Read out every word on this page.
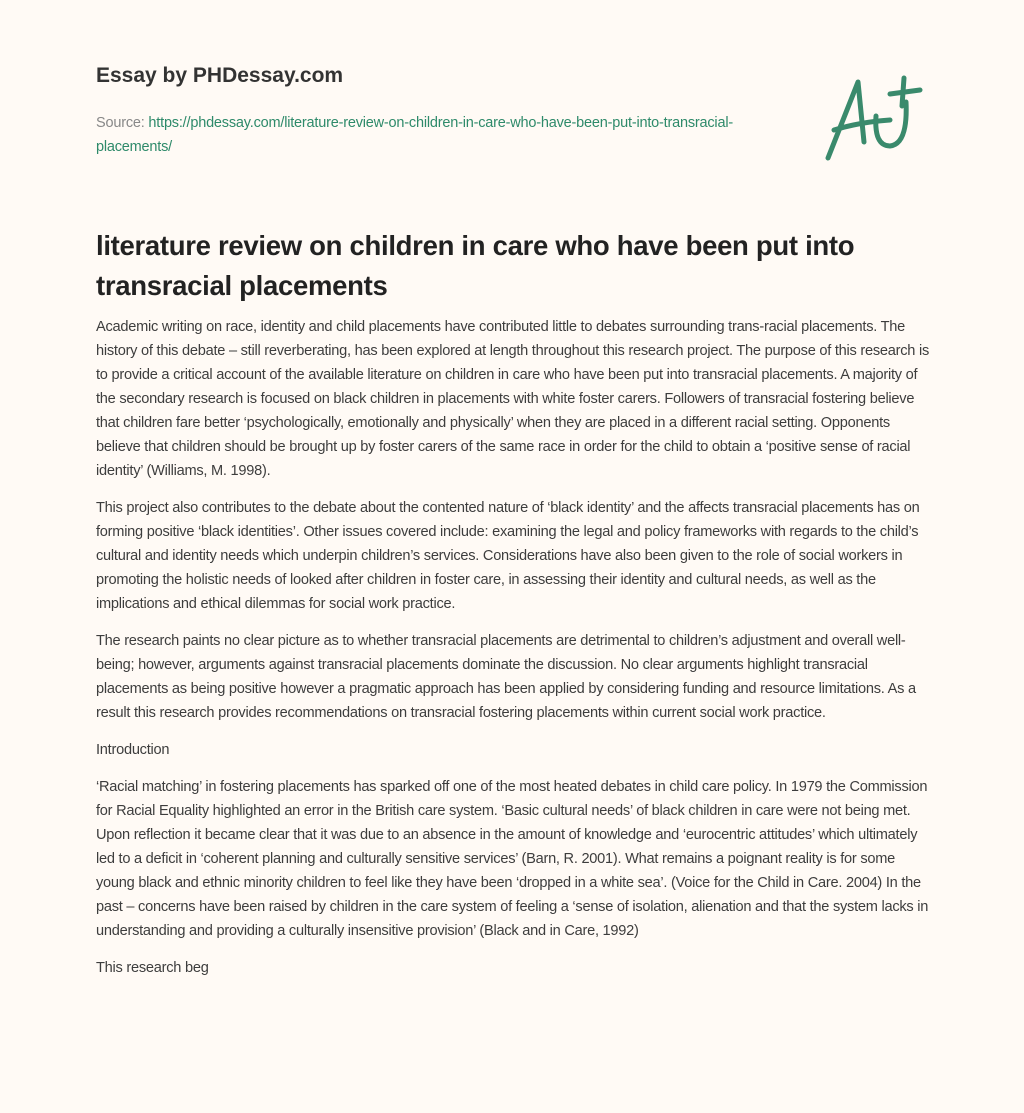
Essay by PHDessay.com
Source: https://phdessay.com/literature-review-on-children-in-care-who-have-been-put-into-transracial-placements/
literature review on children in care who have been put into transracial placements

Academic writing on race, identity and child placements have contributed little to debates surrounding trans-racial placements. The history of this debate – still reverberating, has been explored at length throughout this research project. The purpose of this research is to provide a critical account of the available literature on children in care who have been put into transracial placements. A majority of the secondary research is focused on black children in placements with white foster carers. Followers of transracial fostering believe that children fare better ‘psychologically, emotionally and physically’ when they are placed in a different racial setting. Opponents believe that children should be brought up by foster carers of the same race in order for the child to obtain a ‘positive sense of racial identity’ (Williams, M. 1998).

This project also contributes to the debate about the contented nature of ‘black identity’ and the affects transracial placements has on forming positive ‘black identities’. Other issues covered include: examining the legal and policy frameworks with regards to the child’s cultural and identity needs which underpin children’s services. Considerations have also been given to the role of social workers in promoting the holistic needs of looked after children in foster care, in assessing their identity and cultural needs, as well as the implications and ethical dilemmas for social work practice.

The research paints no clear picture as to whether transracial placements are detrimental to children’s adjustment and overall well-being; however, arguments against transracial placements dominate the discussion. No clear arguments highlight transracial placements as being positive however a pragmatic approach has been applied by considering funding and resource limitations. As a result this research provides recommendations on transracial fostering placements within current social work practice.

Introduction

‘Racial matching’ in fostering placements has sparked off one of the most heated debates in child care policy. In 1979 the Commission for Racial Equality highlighted an error in the British care system. ‘Basic cultural needs’ of black children in care were not being met. Upon reflection it became clear that it was due to an absence in the amount of knowledge and ‘eurocentric attitudes’ which ultimately led to a deficit in ‘coherent planning and culturally sensitive services’ (Barn, R. 2001). What remains a poignant reality is for some young black and ethnic minority children to feel like they have been ‘dropped in a white sea’. (Voice for the Child in Care. 2004) In the past – concerns have been raised by children in the care system of feeling a ‘sense of isolation, alienation and that the system lacks in understanding and providing a culturally insensitive provision’ (Black and in Care, 1992)

This research beg
